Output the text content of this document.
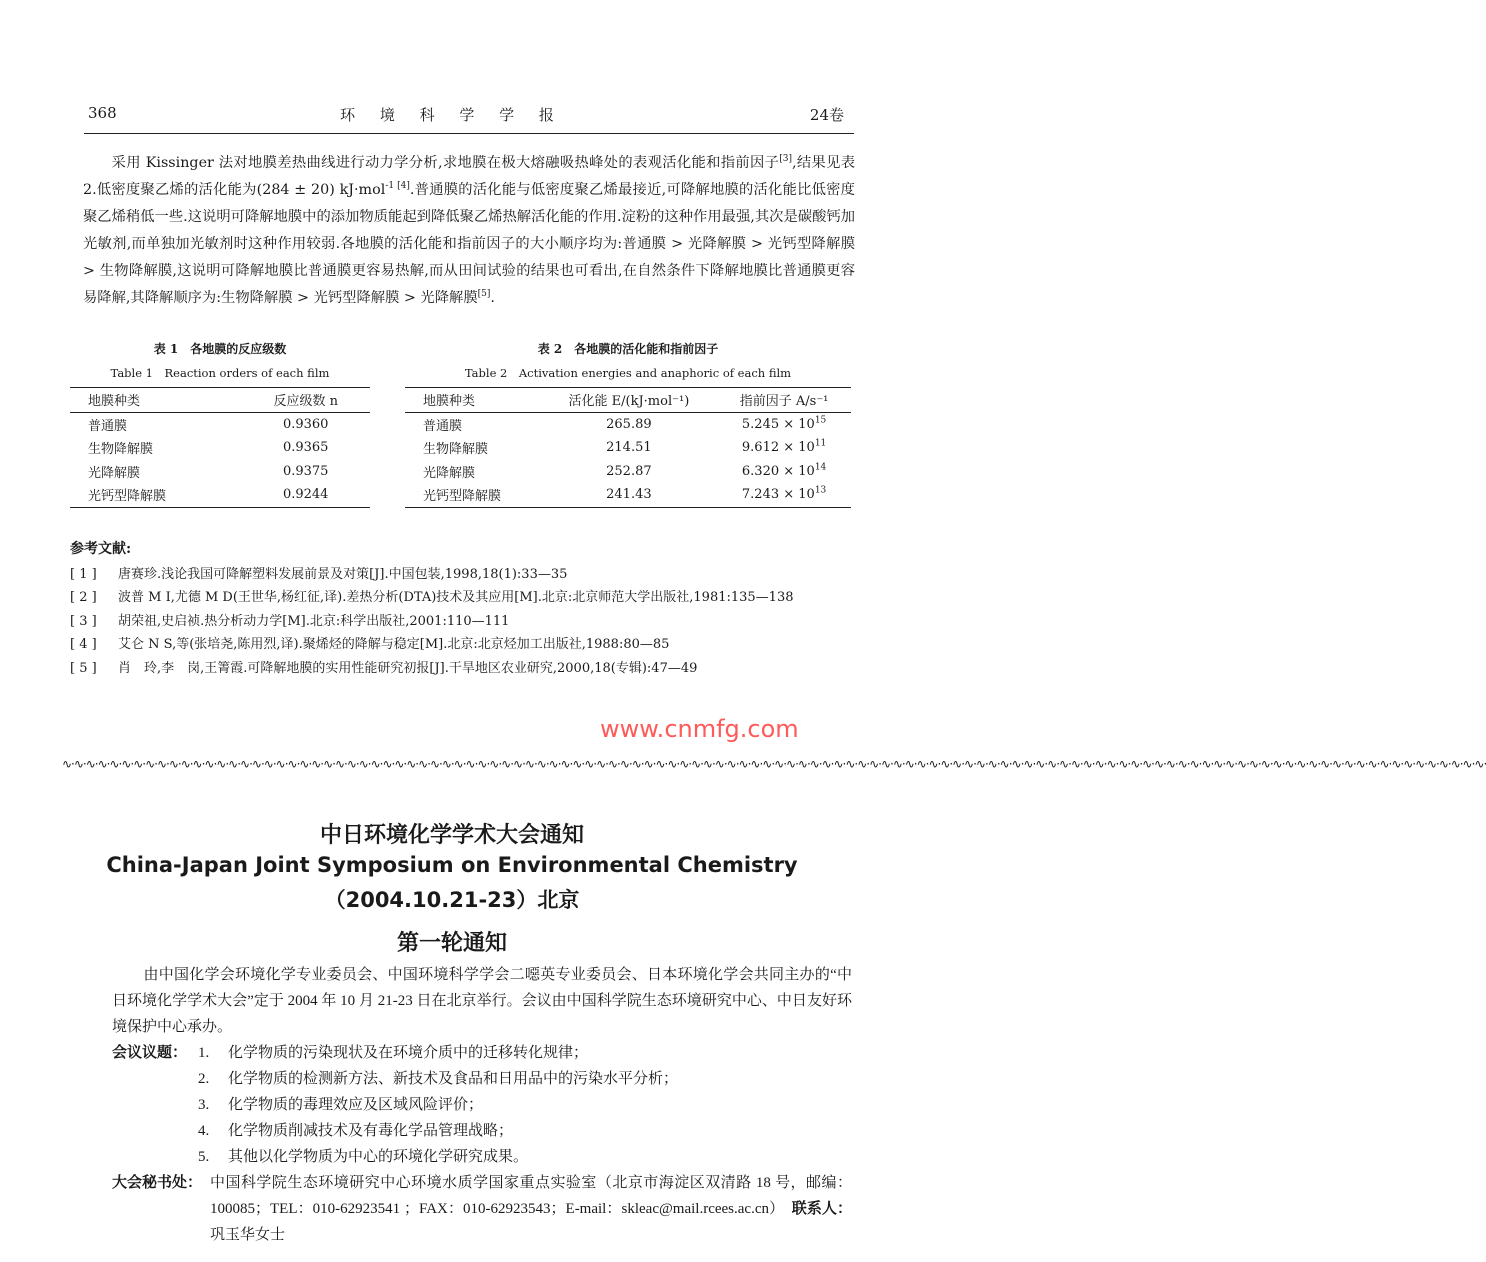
368	环 境 科 学 学 报	24卷

采用 Kissinger 法对地膜差热曲线进行动力学分析,求地膜在极大熔融吸热峰处的表观活化能和指前因子[3],结果见表 2.低密度聚乙烯的活化能为(284 ± 20) kJ·mol$^{-1 [4]}$.普通膜的活化能与低密度聚乙烯最接近,可降解地膜的活化能比低密度聚乙烯稍低一些.这说明可降解地膜中的添加物质能起到降低聚乙烯热解活化能的作用.淀粉的这种作用最强,其次是碳酸钙加光敏剂,而单独加光敏剂时这种作用较弱.各地膜的活化能和指前因子的大小顺序均为:普通膜 > 光降解膜 > 光钙型降解膜 > 生物降解膜,这说明可降解地膜比普通膜更容易热解,而从田间试验的结果也可看出,在自然条件下降解地膜比普通膜更容易降解,其降解顺序为:生物降解膜 > 光钙型降解膜 > 光降解膜[5].

表 1　各地膜的反应级数
Table 1　Reaction orders of each film
地膜种类	反应级数 n
普通膜	0.9360
生物降解膜	0.9365
光降解膜	0.9375
光钙型降解膜	0.9244
表 2　各地膜的活化能和指前因子
Table 2　Activation energies and anaphoric of each film
地膜种类	活化能 E/(kJ·mol⁻¹)	指前因子 A/s⁻¹
普通膜	265.89	$5.245 \times 10^{15}$
生物降解膜	214.51	$9.612 \times 10^{11}$
光降解膜	252.87	$6.320 \times 10^{14}$
光钙型降解膜	241.43	$7.243 \times 10^{13}$
参考文献:
[ 1 ]	唐赛珍.浅论我国可降解塑料发展前景及对策[J].中国包装,1998,18(1):33—35
[ 2 ]	波普 M I,尤德 M D(王世华,杨红征,译).差热分析(DTA)技术及其应用[M].北京:北京师范大学出版社,1981:135—138
[ 3 ]	胡荣祖,史启祯.热分析动力学[M].北京:科学出版社,2001:110—111
[ 4 ]	艾仑 N S,等(张培尧,陈用烈,译).聚烯烃的降解与稳定[M].北京:北京烃加工出版社,1988:80—85
[ 5 ]	肖　玲,李　岗,王箐霞.可降解地膜的实用性能研究初报[J].干旱地区农业研究,2000,18(专辑):47—49
www.cnmfg.com
∿·∿·∿·∿·∿·∿·∿·∿·∿·∿·∿·∿·∿·∿·∿·∿·∿·∿·∿·∿·∿·∿·∿·∿·∿·∿·∿·∿·∿·∿·∿·∿·∿·∿·∿·∿·∿·∿·∿·∿·∿·∿·∿·∿·∿·∿·∿·∿·∿·∿·∿·∿·∿·∿·∿·∿·∿·∿·∿·∿·∿·∿·∿·∿·∿·∿·∿·∿·∿·∿·∿·∿·∿·∿·∿·∿·∿·∿·∿·∿·∿·∿·∿·∿·∿·∿·∿·∿·∿·∿·∿·∿·∿·∿·∿·∿·∿·∿·∿·∿·∿·∿·∿·∿·∿·∿·∿·∿·∿·∿·∿·∿·∿·∿·∿·∿·∿·∿·∿·∿·
中日环境化学学术大会通知
China-Japan Joint Symposium on Environmental Chemistry
（2004.10.21-23）北京
第一轮通知

由中国化学会环境化学专业委员会、中国环境科学学会二噁英专业委员会、日本环境化学会共同主办的“中日环境化学学术大会”定于 2004 年 10 月 21-23 日在北京举行。会议由中国科学院生态环境研究中心、中日友好环境保护中心承办。

会议议题： 1.	化学物质的污染现状及在环境介质中的迁移转化规律；
2.	化学物质的检测新方法、新技术及食品和日用品中的污染水平分析；
3.	化学物质的毒理效应及区域风险评价；
4.	化学物质削减技术及有毒化学品管理战略；
5.	其他以化学物质为中心的环境化学研究成果。
大会秘书处： 中国科学院生态环境研究中心环境水质学国家重点实验室（北京市海淀区双清路 18 号，邮编：100085；TEL：010-62923541 ；FAX：010-62923543；E-mail：skleac@mail.rcees.ac.cn）　 联系人：巩玉华女士
